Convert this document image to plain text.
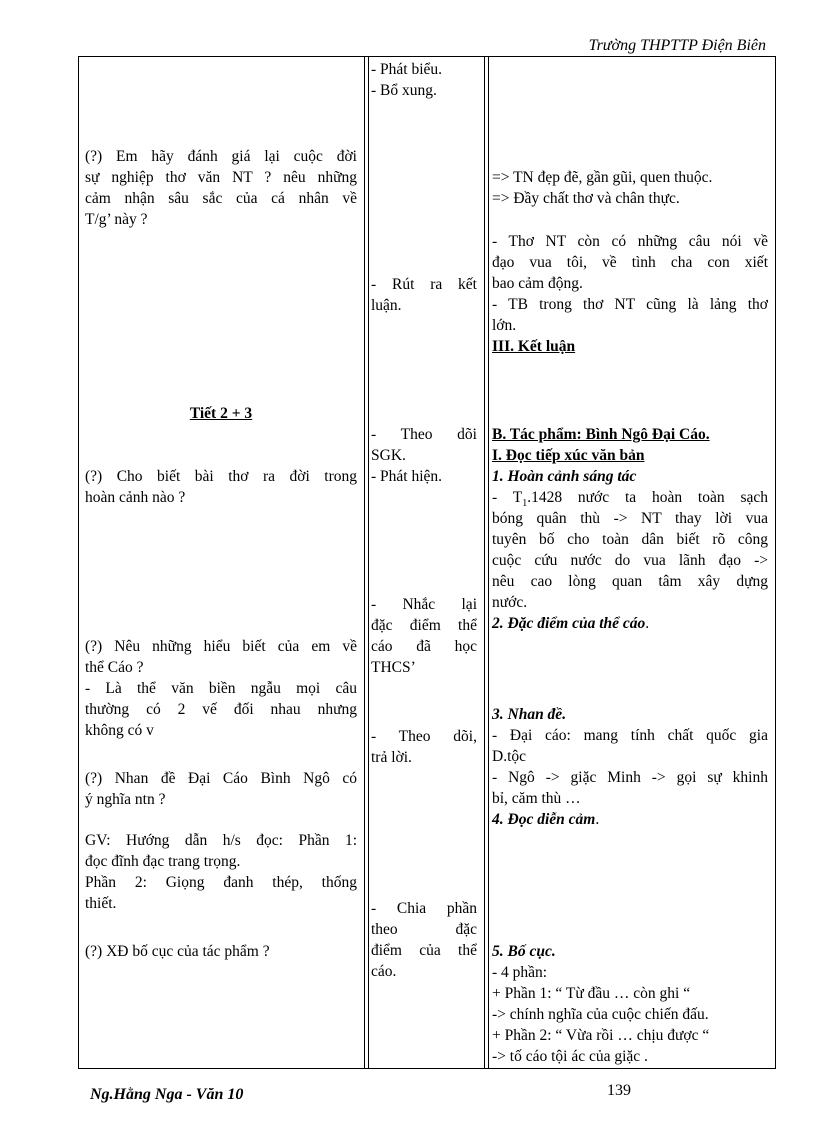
Trường THPTTP Điện Biên
(?) Em hãy đánh giá lại cuộc đời
sự nghiệp thơ văn NT ? nêu những
cảm nhận sâu sắc của cá nhân về
T/g’ này ?
Tiết 2 + 3
(?) Cho biết bài thơ ra đời trong
hoàn cảnh nào ?
(?) Nêu những hiểu biết của em về
thể Cáo ?
- Là thể văn biền ngẫu mọi câu
thường có 2 vế đối nhau nhưng
không có v
(?) Nhan đề Đại Cáo Bình Ngô có
ý nghĩa ntn ?
GV: Hướng dẫn h/s đọc: Phần 1:
đọc đĩnh đạc trang trọng.
Phần 2: Giọng đanh thép, thống
thiết.
(?) XĐ bố cục của tác phẩm ?
- Phát biểu.
- Bổ xung.
- Rút ra kết
luận.
- Theo dõi
SGK.
- Phát hiện.
- Nhắc lại
đặc điểm thể
cáo đã học
THCS’
- Theo dõi,
trả lời.
- Chia phần
theo đặc
điểm của thể
cáo.
=> TN đẹp đẽ, gần gũi, quen thuộc.
=> Đầy chất thơ và chân thực.
- Thơ NT còn có những câu nói về
đạo vua tôi, về tình cha con xiết
bao cảm động.
- TB trong thơ NT cũng là lảng thơ
lớn.
III. Kết luận
B. Tác phẩm: Bình Ngô Đại Cáo.
I. Đọc tiếp xúc văn bản
1. Hoàn cảnh sáng tác
- $T_1.1428$ nước ta hoàn toàn sạch
bóng quân thù -> NT thay lời vua
tuyên bố cho toàn dân biết rõ công
cuộc cứu nước do vua lãnh đạo ->
nêu cao lòng quan tâm xây dựng
nước.
2. Đặc điểm của thể cáo.
3. Nhan đề.
- Đại cáo: mang tính chất quốc gia
D.tộc
- Ngô -> giặc Minh -> gọi sự khinh
bỉ, căm thù …
4. Đọc diễn cảm.
5. Bố cục.
- 4 phần:
+ Phần 1: “ Từ đầu … còn ghi “
-> chính nghĩa của cuộc chiến đấu.
+ Phần 2: “ Vừa rồi … chịu được “
-> tố cáo tội ác của giặc .
Ng.Hằng Nga - Văn 10	139
